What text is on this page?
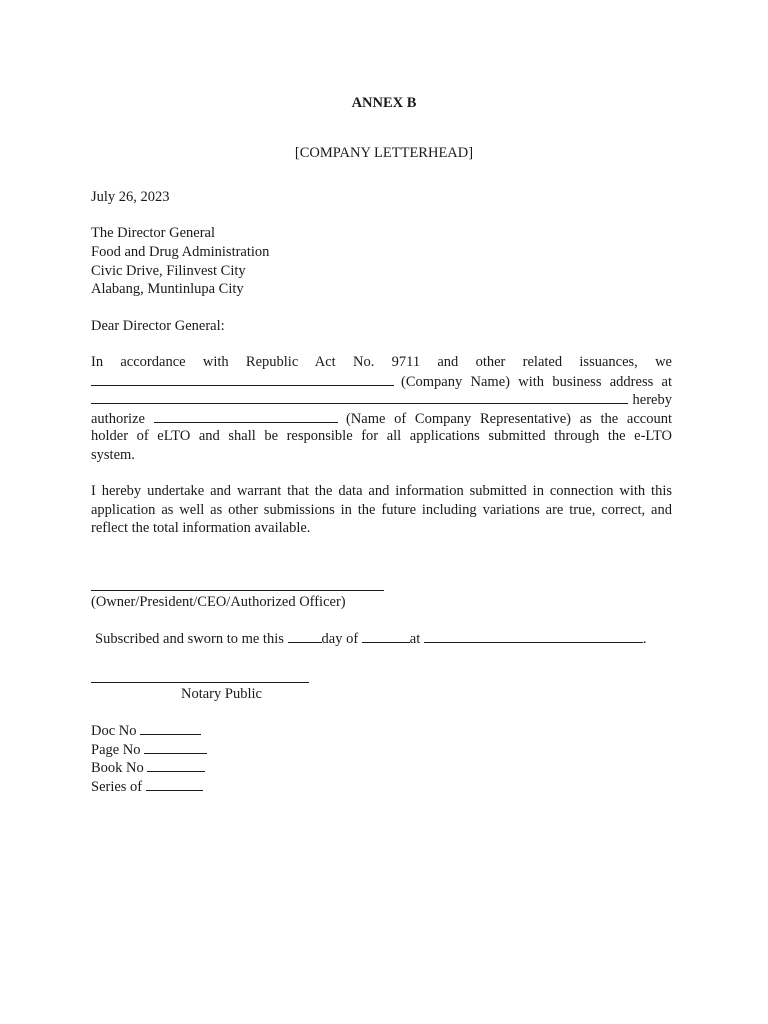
ANNEX B
[COMPANY LETTERHEAD]
July 26, 2023
The Director General
Food and Drug Administration
Civic Drive, Filinvest City
Alabang, Muntinlupa City
Dear Director General:
In accordance with Republic Act No. 9711 and other related issuances, we
(Company Name) with business address at
hereby
authorize	(Name of Company Representative) as the account
holder of eLTO and shall be responsible for all applications submitted through the e-LTO
system.
I hereby undertake and warrant that the data and information submitted in connection with this
application as well as other submissions in the future including variations are true, correct, and
reflect the total information available.
(Owner/President/CEO/Authorized Officer)
Subscribed and sworn to me this	day of	at	.
Notary Public
Doc No
Page No
Book No
Series of
